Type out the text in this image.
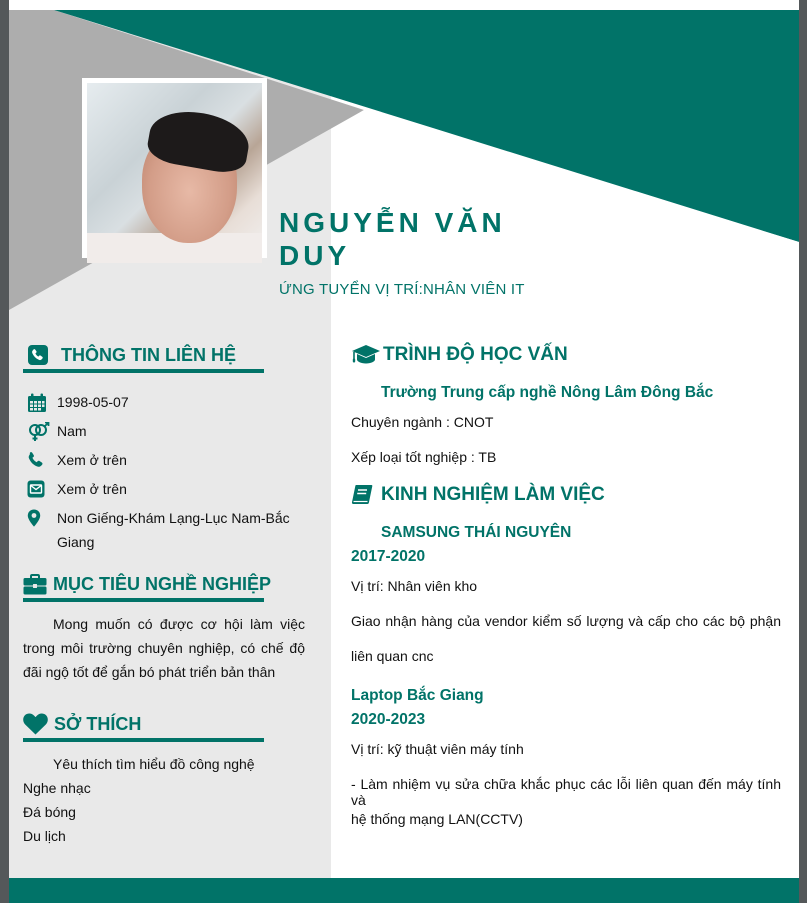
NGUYỄN VĂN
DUY
ỨNG TUYỂN VỊ TRÍ:NHÂN VIÊN IT
THÔNG TIN LIÊN HỆ
1998-05-07
Nam
Xem ở trên
Xem ở trên
Non Giếng-Khám Lạng-Lục Nam-Bắc Giang
MỤC TIÊU NGHỀ NGHIỆP
Mong muốn có được cơ hội làm việc trong môi trường chuyên nghiệp, có chế độ đãi ngộ tốt để gắn bó phát triển bản thân
SỞ THÍCH
Yêu thích tìm hiểu đồ công nghệ
Nghe nhạc
Đá bóng
Du lịch
TRÌNH ĐỘ HỌC VẤN
Trường Trung cấp nghề Nông Lâm Đông Bắc
Chuyên ngành : CNOT
Xếp loại tốt nghiệp : TB
KINH NGHIỆM LÀM VIỆC
SAMSUNG THÁI NGUYÊN
2017-2020
Vị trí: Nhân viên kho
Giao nhận hàng của vendor kiểm số lượng và cấp cho các bộ phận
liên quan cnc
Laptop Bắc Giang
2020-2023
Vị trí: kỹ thuật viên máy tính
- Làm nhiệm vụ sửa chữa khắc phục các lỗi liên quan đến máy tính và
hệ thống mạng LAN(CCTV)
